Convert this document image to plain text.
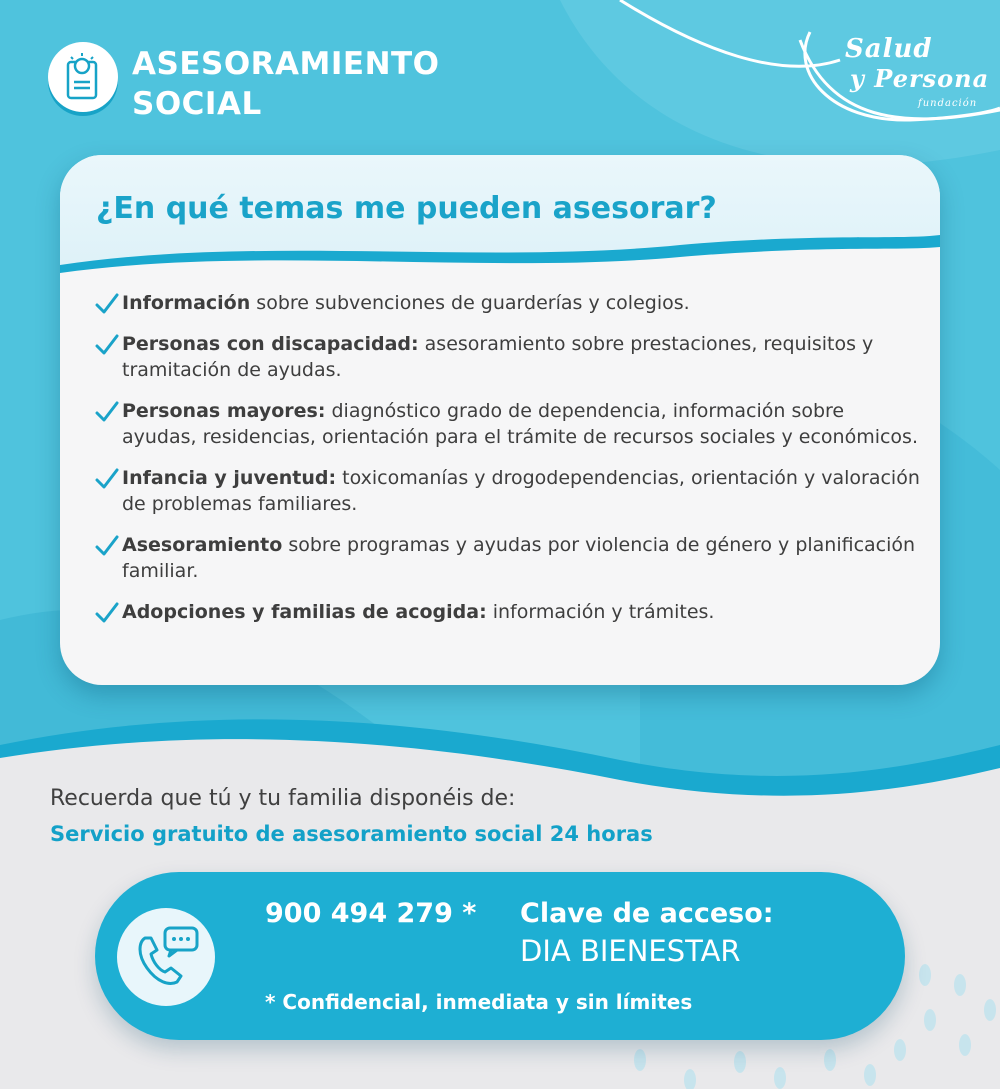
ASESORAMIENTO SOCIAL
Salud
y Persona
fundación
¿En qué temas me pueden asesorar?
Información sobre subvenciones de guarderías y colegios.
Personas con discapacidad: asesoramiento sobre prestaciones, requisitos y tramitación de ayudas.
Personas mayores: diagnóstico grado de dependencia, información sobre ayudas, residencias, orientación para el trámite de recursos sociales y económicos.
Infancia y juventud: toxicomanías y drogodependencias, orientación y valoración de problemas familiares.
Asesoramiento sobre programas y ayudas por violencia de género y planificación familiar.
Adopciones y familias de acogida: información y trámites.
Recuerda que tú y tu familia disponéis de:
Servicio gratuito de asesoramiento social 24 horas
900 494 279 * Clave de acceso:
DIA BIENESTAR
* Confidencial, inmediata y sin límites
